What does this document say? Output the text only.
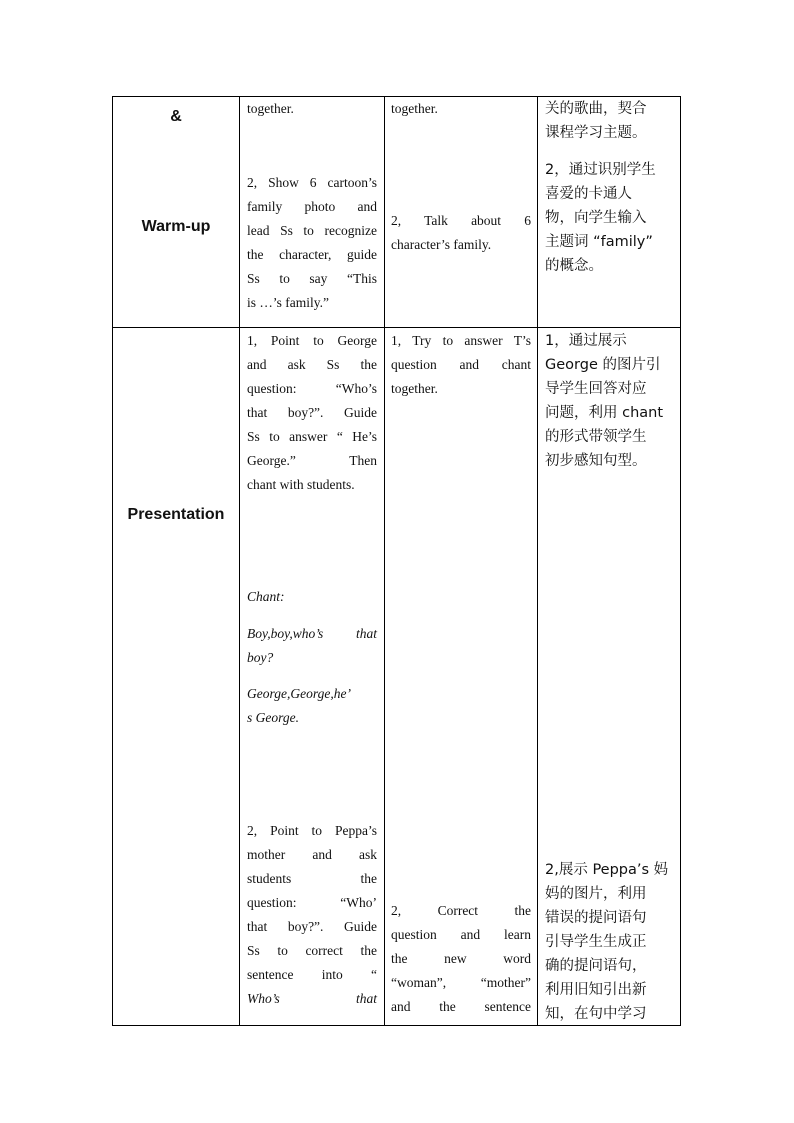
&
Warm-up
together.
2, Show 6 cartoon’s
family photo and
lead Ss to recognize
the character, guide
Ss to say “This
is …’s family.”
together.
2, Talk about 6
character’s family.
关的歌曲，契合
课程学习主题。
2，通过识别学生
喜爱的卡通人
物，向学生输入
主题词 “family”
的概念。
Presentation
1, Point to George
and ask Ss the
question: “Who’s
that boy?”. Guide
Ss to answer “ He’s
George.” Then
chant with students.
Chant:
Boy,boy,who’s that
boy?
George,George,he’
s George.
2, Point to Peppa’s
mother and ask
students the
question: “Who’
that boy?”. Guide
Ss to correct the
sentence into “
Who’s that
1, Try to answer T’s
question and chant
together.
2, Correct the
question and learn
the new word
“woman”, “mother”
and the sentence
1，通过展示
George 的图片引
导学生回答对应
问题，利用 chant
的形式带领学生
初步感知句型。
2,展示 Peppa’s 妈
妈的图片，利用
错误的提问语句
引导学生生成正
确的提问语句，
利用旧知引出新
知，在句中学习
